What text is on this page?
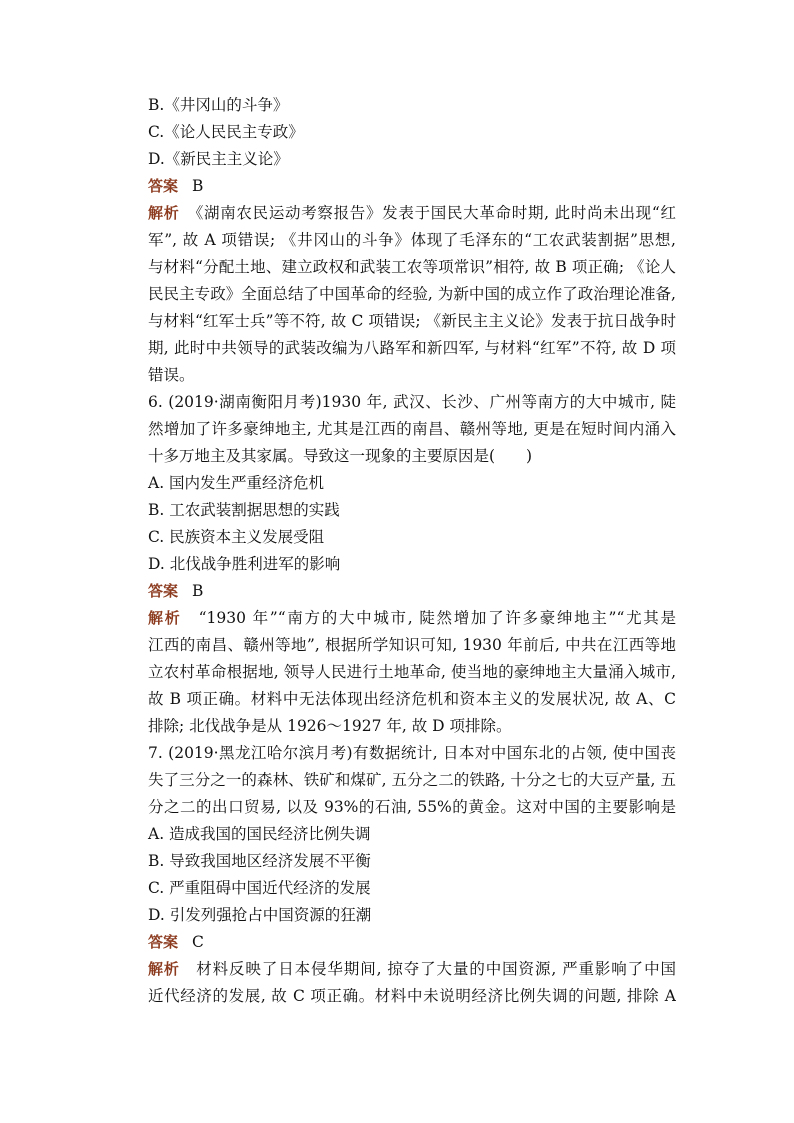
B.《井冈山的斗争》
C.《论人民民主专政》
D.《新民主主义论》
答案 B
解析　 《湖南农民运动考察报告》发表于国民大革命时期, 此时尚未出现“红
军”, 故 A 项错误; 《井冈山的斗争》体现了毛泽东的“工农武装割据”思想,
与材料“分配土地、建立政权和武装工农等项常识”相符, 故 B 项正确; 《论人
民民主专政》全面总结了中国革命的经验, 为新中国的成立作了政治理论准备,
与材料“红军士兵”等不符, 故 C 项错误; 《新民主主义论》发表于抗日战争时
期, 此时中共领导的武装改编为八路军和新四军, 与材料“红军”不符, 故 D 项
错误。
6. (2019·湖南衡阳月考)1930 年, 武汉、长沙、广州等南方的大中城市, 陡
然增加了许多豪绅地主, 尤其是江西的南昌、赣州等地, 更是在短时间内涌入
十多万地主及其家属。导致这一现象的主要原因是(　　)
A. 国内发生严重经济危机
B. 工农武装割据思想的实践
C. 民族资本主义发展受阻
D. 北伐战争胜利进军的影响
答案 B
解析　 “1930 年”“南方的大中城市, 陡然增加了许多豪绅地主”“尤其是
江西的南昌、赣州等地”, 根据所学知识可知, 1930 年前后, 中共在江西等地
立农村革命根据地, 领导人民进行土地革命, 使当地的豪绅地主大量涌入城市,
故 B 项正确。材料中无法体现出经济危机和资本主义的发展状况, 故 A、C
排除; 北伐战争是从 1926～1927 年, 故 D 项排除。
7. (2019·黑龙江哈尔滨月考)有数据统计, 日本对中国东北的占领, 使中国丧
失了三分之一的森林、铁矿和煤矿, 五分之二的铁路, 十分之七的大豆产量, 五
分之二的出口贸易, 以及 93%的石油, 55%的黄金。这对中国的主要影响是　　
A. 造成我国的国民经济比例失调
B. 导致我国地区经济发展不平衡
C. 严重阻碍中国近代经济的发展
D. 引发列强抢占中国资源的狂潮
答案 C
解析　 材料反映了日本侵华期间, 掠夺了大量的中国资源, 严重影响了中国
近代经济的发展, 故 C 项正确。材料中未说明经济比例失调的问题, 排除 A
